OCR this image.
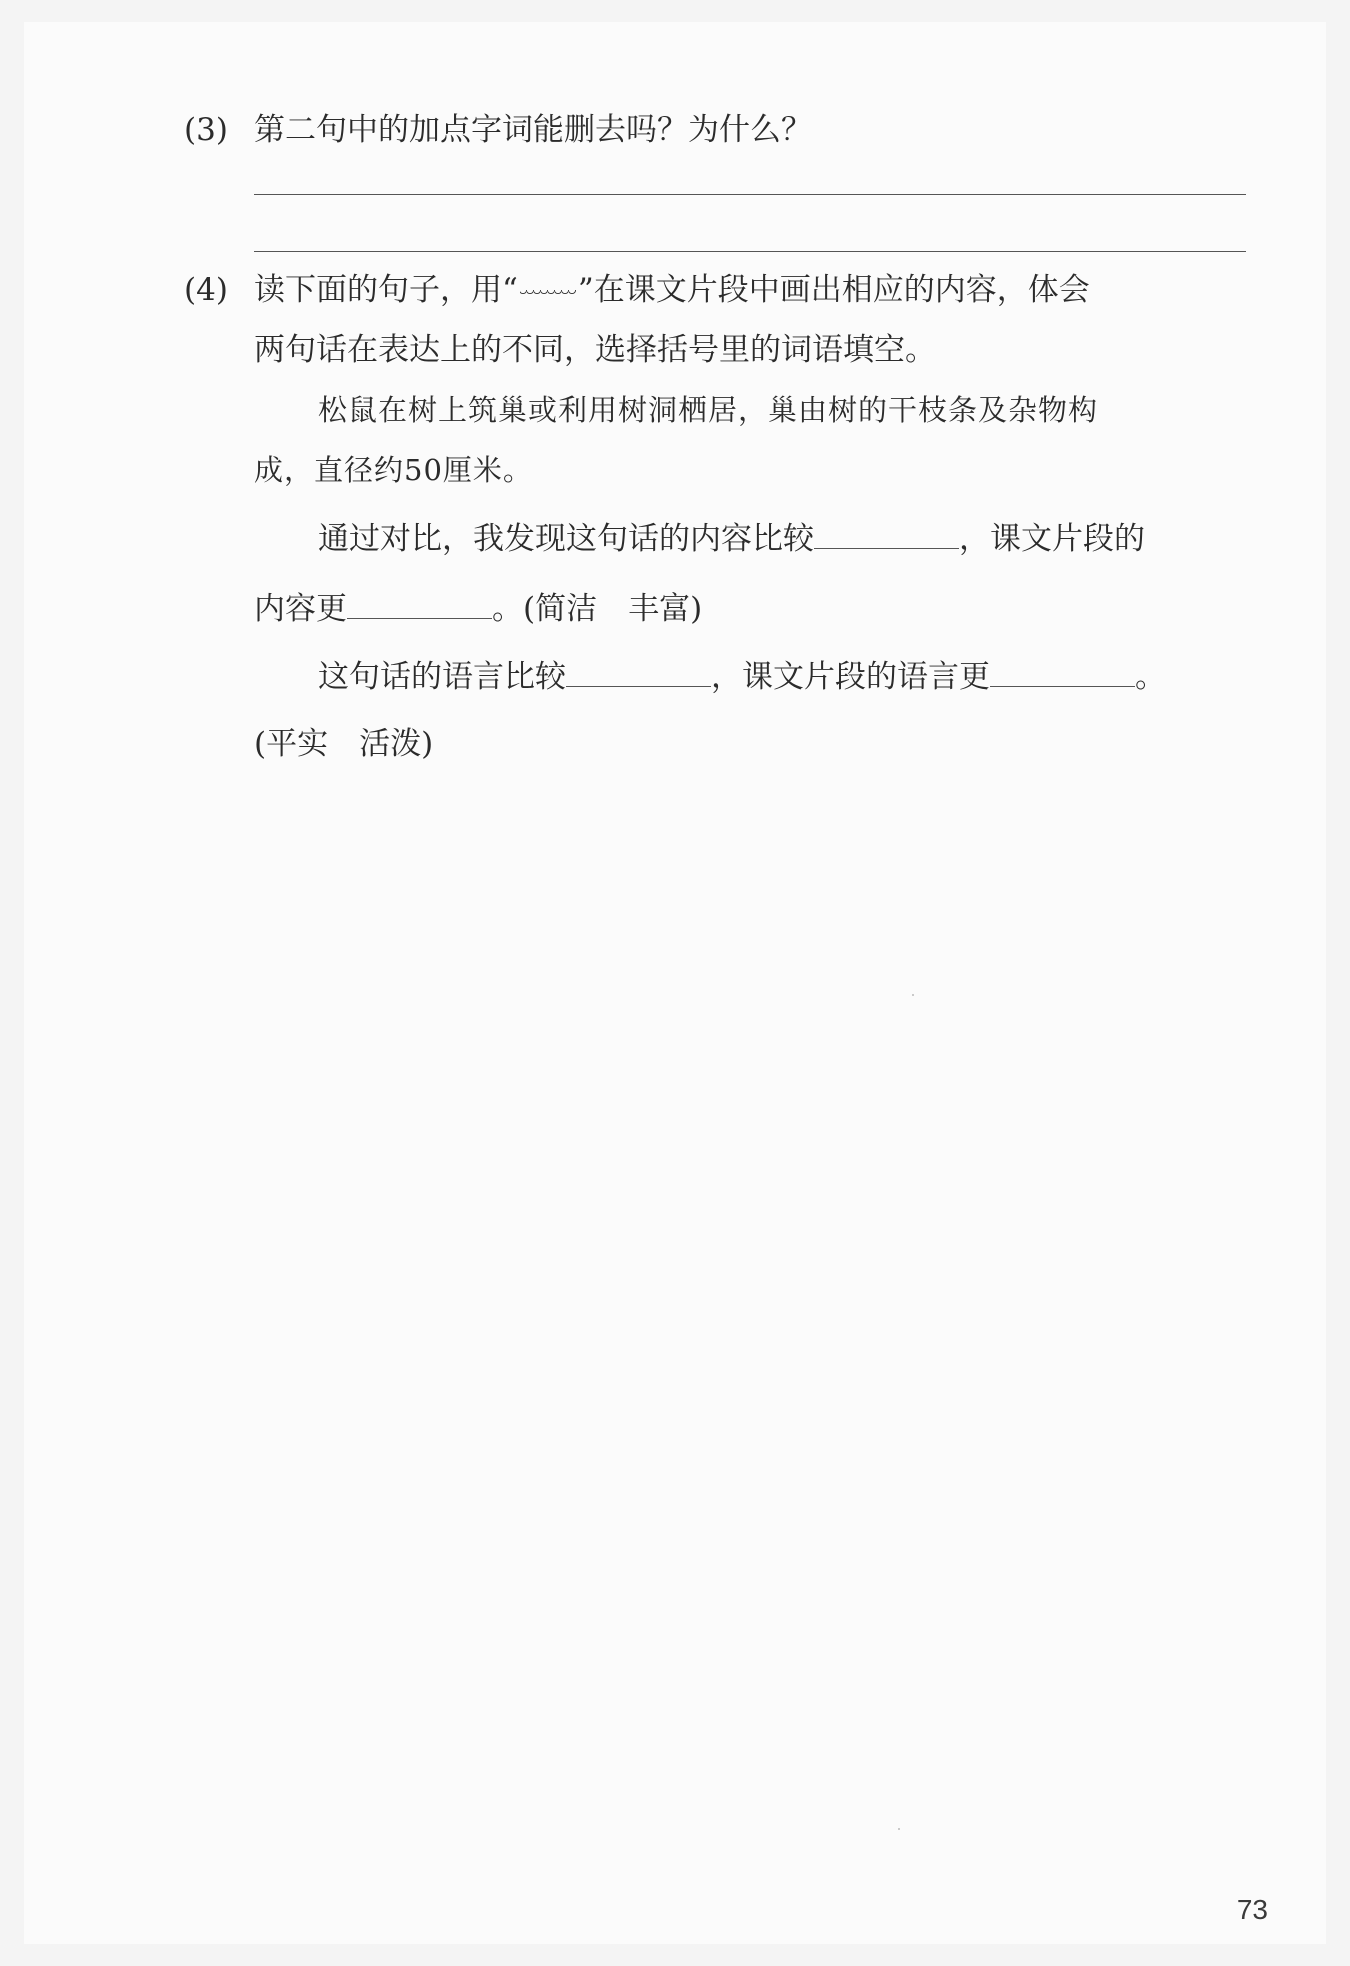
(3) 第二句中的加点字词能删去吗？为什么？
(4) 读下面的句子，用“ ”在课文片段中画出相应的内容，体会
两句话在表达上的不同，选择括号里的词语填空。
松鼠在树上筑巢或利用树洞栖居，巢由树的干枝条及杂物构
成，直径约50厘米。
通过对比，我发现这句话的内容比较	，课文片段的
内容更	。(简洁　丰富)
这句话的语言比较	，课文片段的语言更	。
(平实　活泼)
73
